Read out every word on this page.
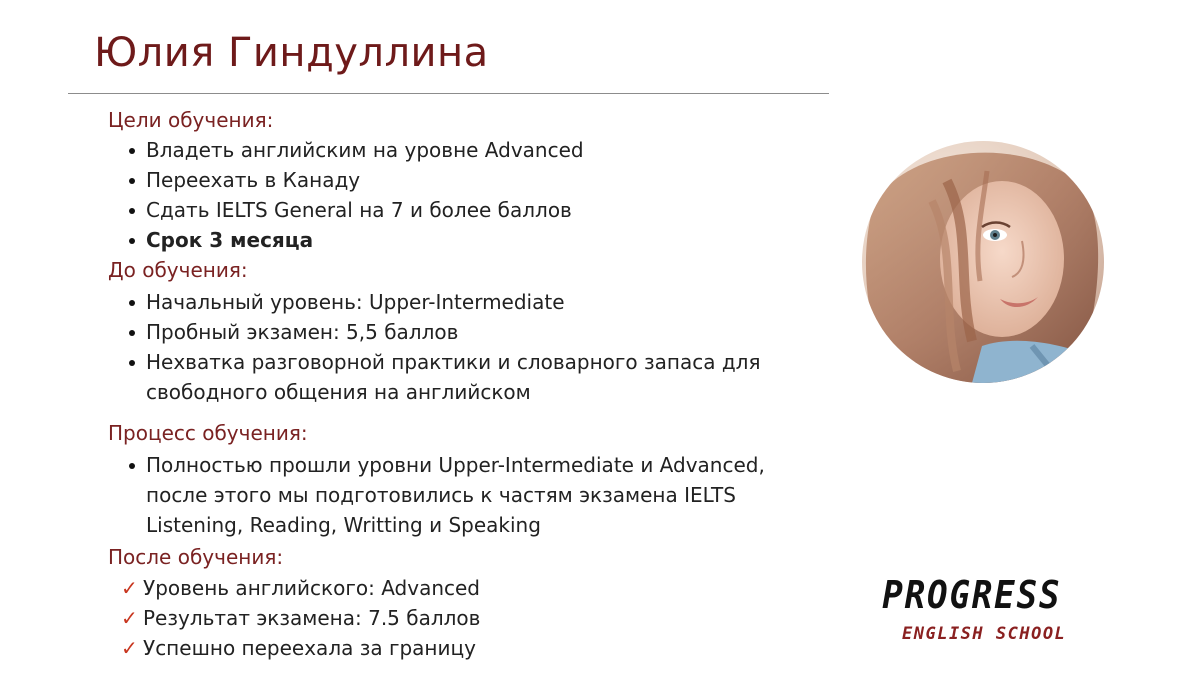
Юлия Гиндуллина
Цели обучения:
Владеть английским на уровне Advanced
Переехать в Канаду
Сдать IELTS General на 7 и более баллов
Срок 3 месяца
До обучения:
Начальный уровень: Upper-Intermediate
Пробный экзамен: 5,5 баллов
Нехватка разговорной практики и словарного запаса для
свободного общения на английском
Процесс обучения:
Полностью прошли уровни Upper-Intermediate и Advanced,
после этого мы подготовились к частям экзамена IELTS
Listening, Reading, Writting и Speaking
После обучения:
✓ Уровень английского: Advanced
✓ Результат экзамена: 7.5 баллов
✓ Успешно переехала за границу
PROGRESS
ENGLISH SCHOOL
